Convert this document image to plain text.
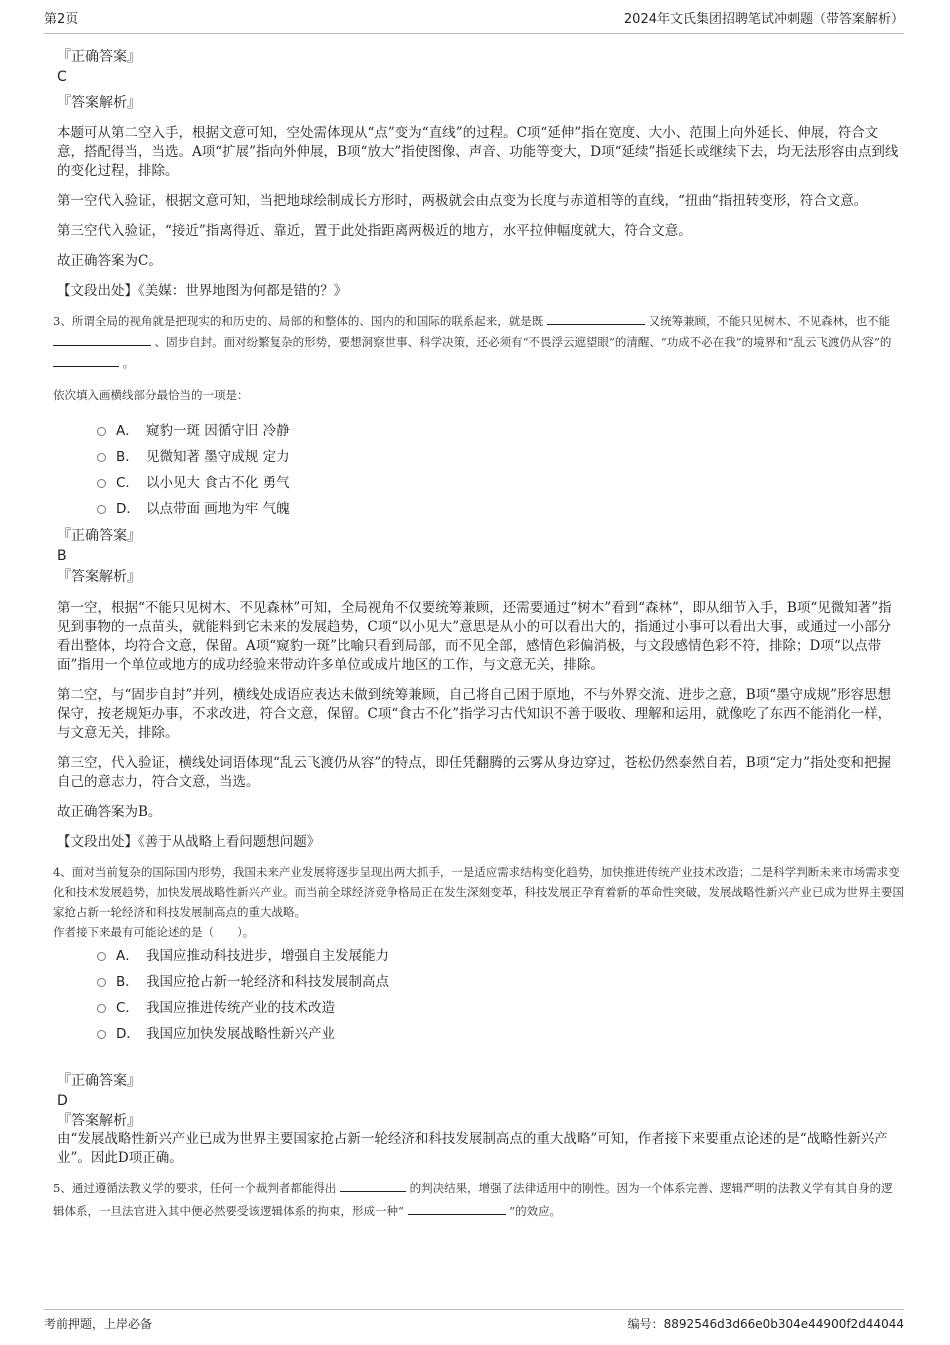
第2页	2024年文氏集团招聘笔试冲刺题（带答案解析）
『正确答案』
C
『答案解析』

本题可从第二空入手，根据文意可知，空处需体现从“点”变为“直线”的过程。C项“延伸”指在宽度、大小、范围上向外延长、伸展，符合文意，搭配得当，当选。A项“扩展”指向外伸展，B项“放大”指使图像、声音、功能等变大，D项“延续”指延长或继续下去，均无法形容由点到线的变化过程，排除。

第一空代入验证，根据文意可知，当把地球绘制成长方形时，两极就会由点变为长度与赤道相等的直线，“扭曲”指扭转变形，符合文意。

第三空代入验证，“接近”指离得近、靠近，置于此处指距离两极近的地方，水平拉伸幅度就大，符合文意。

故正确答案为C。

【文段出处】《美媒：世界地图为何都是错的？》

3、所谓全局的视角就是把现实的和历史的、局部的和整体的、国内的和国际的联系起来，就是既	又统筹兼顾，不能只见树木、不见森林，也不能  、固步自封。面对纷繁复杂的形势，要想洞察世事、科学决策，还必须有“不畏浮云遮望眼”的清醒、“功成不必在我”的境界和“乱云飞渡仍从容”的  。

依次填入画横线部分最恰当的一项是：

A． 窥豹一斑 因循守旧 冷静
B． 见微知著 墨守成规 定力
C． 以小见大 食古不化 勇气
D． 以点带面 画地为牢 气魄
『正确答案』
B
『答案解析』

第一空，根据“不能只见树木、不见森林”可知，全局视角不仅要统筹兼顾，还需要通过“树木”看到“森林”，即从细节入手，B项“见微知著”指见到事物的一点苗头，就能料到它未来的发展趋势，C项“以小见大”意思是从小的可以看出大的，指通过小事可以看出大事，或通过一小部分看出整体，均符合文意，保留。A项“窥豹一斑”比喻只看到局部，而不见全部，感情色彩偏消极，与文段感情色彩不符，排除；D项“以点带面”指用一个单位或地方的成功经验来带动许多单位或成片地区的工作，与文意无关，排除。

第二空，与“固步自封”并列，横线处成语应表达未做到统筹兼顾，自己将自己困于原地，不与外界交流、进步之意，B项“墨守成规”形容思想保守，按老规矩办事，不求改进，符合文意，保留。C项“食古不化”指学习古代知识不善于吸收、理解和运用，就像吃了东西不能消化一样，与文意无关，排除。

第三空，代入验证，横线处词语体现“乱云飞渡仍从容”的特点，即任凭翻腾的云雾从身边穿过，苍松仍然泰然自若，B项“定力”指处变和把握自己的意志力，符合文意，当选。

故正确答案为B。

【文段出处】《善于从战略上看问题想问题》

4、面对当前复杂的国际国内形势，我国未来产业发展将逐步呈现出两大抓手，一是适应需求结构变化趋势，加快推进传统产业技术改造；二是科学判断未来市场需求变化和技术发展趋势，加快发展战略性新兴产业。而当前全球经济竞争格局正在发生深刻变革，科技发展正孕育着新的革命性突破，发展战略性新兴产业已成为世界主要国家抢占新一轮经济和科技发展制高点的重大战略。

作者接下来最有可能论述的是（　　）。

A． 我国应推动科技进步，增强自主发展能力
B． 我国应抢占新一轮经济和科技发展制高点
C． 我国应推进传统产业的技术改造
D． 我国应加快发展战略性新兴产业
『正确答案』
D
『答案解析』

由“发展战略性新兴产业已成为世界主要国家抢占新一轮经济和科技发展制高点的重大战略”可知，作者接下来要重点论述的是“战略性新兴产业”。因此D项正确。

5、通过遵循法教义学的要求，任何一个裁判者都能得出	的判决结果，增强了法律适用中的刚性。因为一个体系完善、逻辑严明的法教义学有其自身的逻辑体系，一旦法官进入其中便必然要受该逻辑体系的拘束，形成一种“	”的效应。

考前押题，上岸必备	编号：8892546d3d66e0b304e44900f2d44044
